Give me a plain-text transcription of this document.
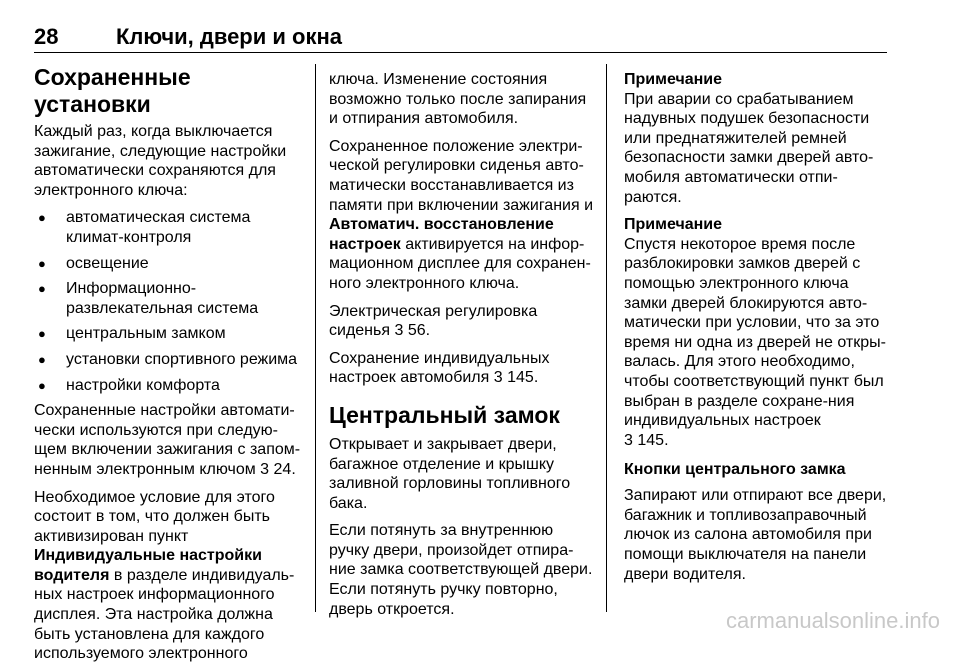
28	Ключи, двери и окна
Сохраненные установки

Каждый раз, когда выключается зажигание, следующие настройки автоматически сохраняются для электронного ключа:

● автоматическая система климат-контроля
● освещение
● Информационно-развлекательная система
● центральным замком
● установки спортивного режима
● настройки комфорта

Сохраненные настройки автомати-чески используются при следую-щем включении зажигания с запом-ненным электронным ключом 3 24.

Необходимое условие для этого состоит в том, что должен быть активизирован пункт
Индивидуальные настройки водителя в разделе индивидуаль-ных настроек информационного дисплея. Эта настройка должна быть установлена для каждого используемого электронного

ключа. Изменение состояния возможно только после запирания и отпирания автомобиля.

Сохраненное положение электри-ческой регулировки сиденья авто-матически восстанавливается из памяти при включении зажигания и Автоматич. восстановление настроек активируется на инфор-мационном дисплее для сохранен-ного электронного ключа.

Электрическая регулировка сиденья 3 56.

Сохранение индивидуальных настроек автомобиля 3 145.

Центральный замок

Открывает и закрывает двери, багажное отделение и крышку заливной горловины топливного бака.

Если потянуть за внутреннюю ручку двери, произойдет отпира-ние замка соответствующей двери. Если потянуть ручку повторно, дверь откроется.

Примечание
При аварии со срабатыванием надувных подушек безопасности или преднатяжителей ремней безопасности замки дверей авто-мобиля автоматически отпи-раются.

Примечание
Спустя некоторое время после разблокировки замков дверей с помощью электронного ключа замки дверей блокируются авто-матически при условии, что за это время ни одна из дверей не откры-валась. Для этого необходимо, чтобы соответствующий пункт был выбран в разделе сохране-ния индивидуальных настроек
3 145.

Кнопки центрального замка

Запирают или отпирают все двери, багажник и топливозаправочный лючок из салона автомобиля при помощи выключателя на панели двери водителя.

carmanualsonline.info
